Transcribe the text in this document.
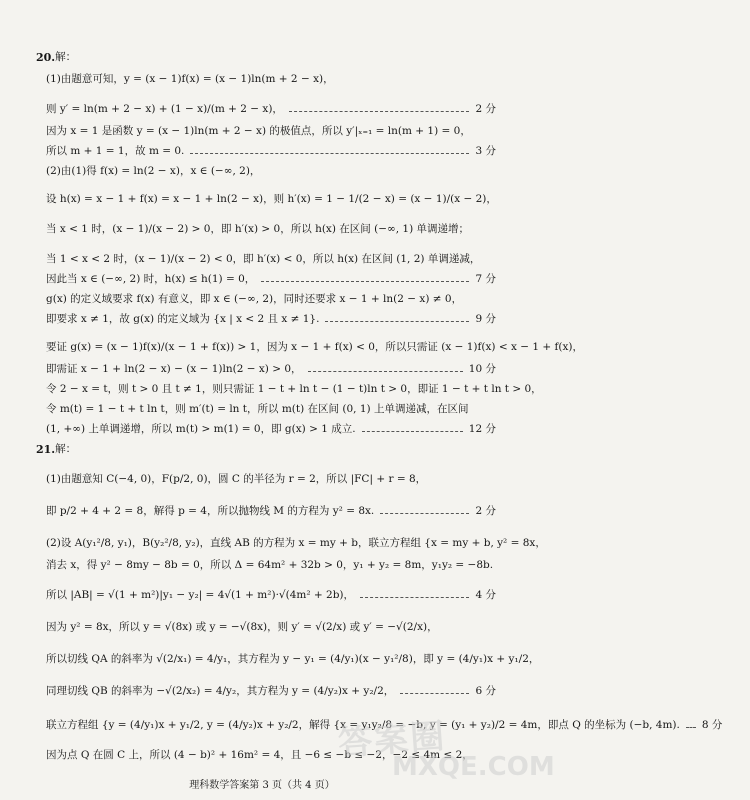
20. 解：
(1)由题意可知，y = (x − 1)f(x) = (x − 1)ln(m + 2 − x)，
则 y′ = ln(m + 2 − x) + (1 − x)/(m + 2 − x)，	2 分
因为 x = 1 是函数 y = (x − 1)ln(m + 2 − x) 的极值点，所以 y′|ₓ₌₁ = ln(m + 1) = 0，
所以 m + 1 = 1，故 m = 0.	3 分
(2)由(1)得 f(x) = ln(2 − x)，x ∈ (−∞, 2)，
设 h(x) = x − 1 + f(x) = x − 1 + ln(2 − x)，则 h′(x) = 1 − 1/(2 − x) = (x − 1)/(x − 2)，
当 x < 1 时，(x − 1)/(x − 2) > 0，即 h′(x) > 0，所以 h(x) 在区间 (−∞, 1) 单调递增；
当 1 < x < 2 时，(x − 1)/(x − 2) < 0，即 h′(x) < 0，所以 h(x) 在区间 (1, 2) 单调递减，
因此当 x ∈ (−∞, 2) 时，h(x) ≤ h(1) = 0，	7 分
g(x) 的定义域要求 f(x) 有意义，即 x ∈ (−∞, 2)，同时还要求 x − 1 + ln(2 − x) ≠ 0，
即要求 x ≠ 1，故 g(x) 的定义域为 {x | x < 2 且 x ≠ 1}.	9 分
要证 g(x) = (x − 1)f(x)/(x − 1 + f(x)) > 1，因为 x − 1 + f(x) < 0，所以只需证 (x − 1)f(x) < x − 1 + f(x)，
即需证 x − 1 + ln(2 − x) − (x − 1)ln(2 − x) > 0，	10 分
令 2 − x = t，则 t > 0 且 t ≠ 1，则只需证 1 − t + ln t − (1 − t)ln t > 0，即证 1 − t + t ln t > 0，
令 m(t) = 1 − t + t ln t，则 m′(t) = ln t，所以 m(t) 在区间 (0, 1) 上单调递减，在区间
(1, +∞) 上单调递增，所以 m(t) > m(1) = 0，即 g(x) > 1 成立.	12 分
21. 解：
(1)由题意知 C(−4, 0)，F(p/2, 0)，圆 C 的半径为 r = 2，所以 |FC| + r = 8，
即 p/2 + 4 + 2 = 8，解得 p = 4，所以抛物线 M 的方程为 y² = 8x.	2 分
(2)设 A(y₁²/8, y₁)，B(y₂²/8, y₂)，直线 AB 的方程为 x = my + b，联立方程组 {x = my + b, y² = 8x，
消去 x，得 y² − 8my − 8b = 0，所以 Δ = 64m² + 32b > 0，y₁ + y₂ = 8m，y₁y₂ = −8b.
所以 |AB| = √(1 + m²)|y₁ − y₂| = 4√(1 + m²)·√(4m² + 2b)，	4 分
因为 y² = 8x，所以 y = √(8x) 或 y = −√(8x)，则 y′ = √(2/x) 或 y′ = −√(2/x)，
所以切线 QA 的斜率为 √(2/x₁) = 4/y₁，其方程为 y − y₁ = (4/y₁)(x − y₁²/8)，即 y = (4/y₁)x + y₁/2，
同理切线 QB 的斜率为 −√(2/x₂) = 4/y₂，其方程为 y = (4/y₂)x + y₂/2，	6 分
联立方程组 {y = (4/y₁)x + y₁/2, y = (4/y₂)x + y₂/2，解得 {x = y₁y₂/8 = −b, y = (y₁ + y₂)/2 = 4m，即点 Q 的坐标为 (−b, 4m). 8 分
因为点 Q 在圆 C 上，所以 (4 − b)² + 16m² = 4，且 −6 ≤ −b ≤ −2，−2 ≤ 4m ≤ 2，
答案圈
MXQE.COM
理科数学答案第 3 页（共 4 页）
